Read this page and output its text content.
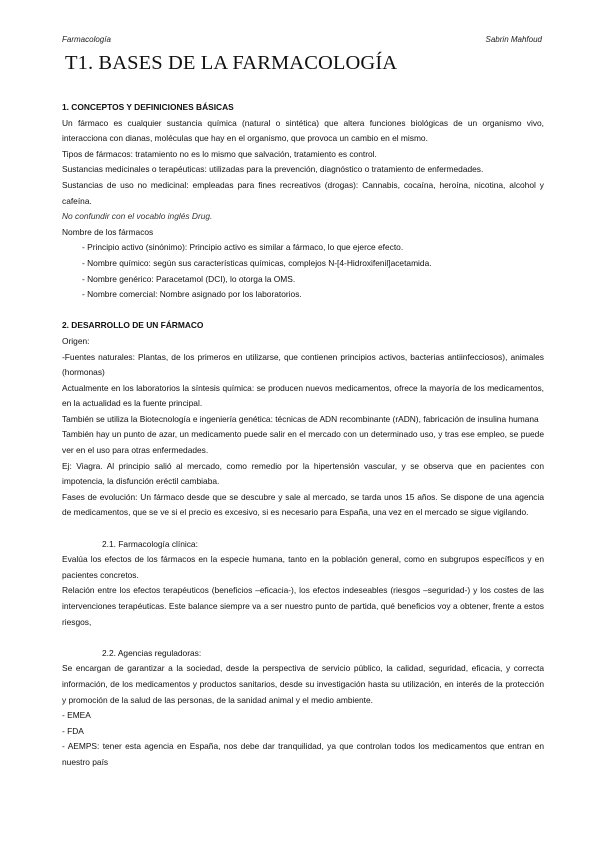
Farmacología	Sabrin Mahfoud
T1. BASES DE LA FARMACOLOGÍA

1. CONCEPTOS Y DEFINICIONES BÁSICAS

Un fármaco es cualquier sustancia química (natural o sintética) que altera funciones biológicas de un organismo vivo, interacciona con dianas, moléculas que hay en el organismo, que provoca un cambio en el mismo.

Tipos de fármacos: tratamiento no es lo mismo que salvación, tratamiento es control.

Sustancias medicinales o terapéuticas: utilizadas para la prevención, diagnóstico o tratamiento de enfermedades.

Sustancias de uso no medicinal: empleadas para fines recreativos (drogas): Cannabis, cocaína, heroína, nicotina, alcohol y cafeína.

No confundir con el vocablo inglés Drug.

Nombre de los fármacos

- Principio activo (sinónimo): Principio activo es similar a fármaco, lo que ejerce efecto.

- Nombre químico: según sus características químicas, complejos N-[4-Hidroxifenil]acetamida.

- Nombre genérico: Paracetamol (DCI), lo otorga la OMS.

- Nombre comercial: Nombre asignado por los laboratorios.

2. DESARROLLO DE UN FÁRMACO

Origen:

-Fuentes naturales: Plantas, de los primeros en utilizarse, que contienen principios activos, bacterias antiinfecciosos), animales (hormonas)

Actualmente en los laboratorios la síntesis química: se producen nuevos medicamentos, ofrece la mayoría de los medicamentos, en la actualidad es la fuente principal.

También se utiliza la Biotecnología e ingeniería genética: técnicas de ADN recombinante (rADN), fabricación de insulina humana

También hay un punto de azar, un medicamento puede salir en el mercado con un determinado uso, y tras ese empleo, se puede ver en el uso para otras enfermedades.

Ej: Viagra. Al principio salió al mercado, como remedio por la hipertensión vascular, y se observa que en pacientes con impotencia, la disfunción eréctil cambiaba.

Fases de evolución: Un fármaco desde que se descubre y sale al mercado, se tarda unos 15 años. Se dispone de una agencia de medicamentos, que se ve si el precio es excesivo, si es necesario para España, una vez en el mercado se sigue vigilando.

2.1. Farmacología clínica:

Evalúa los efectos de los fármacos en la especie humana, tanto en la población general, como en subgrupos específicos y en pacientes concretos.

Relación entre los efectos terapéuticos (beneficios –eficacia-), los efectos indeseables (riesgos –seguridad-) y los costes de las intervenciones terapéuticas. Este balance siempre va a ser nuestro punto de partida, qué beneficios voy a obtener, frente a estos riesgos,

2.2. Agencias reguladoras:

Se encargan de garantizar a la sociedad, desde la perspectiva de servicio público, la calidad, seguridad, eficacia, y correcta información, de los medicamentos y productos sanitarios, desde su investigación hasta su utilización, en interés de la protección y promoción de la salud de las personas, de la sanidad animal y el medio ambiente.

- EMEA

- FDA

- AEMPS: tener esta agencia en España, nos debe dar tranquilidad, ya que controlan todos los medicamentos que entran en nuestro país
